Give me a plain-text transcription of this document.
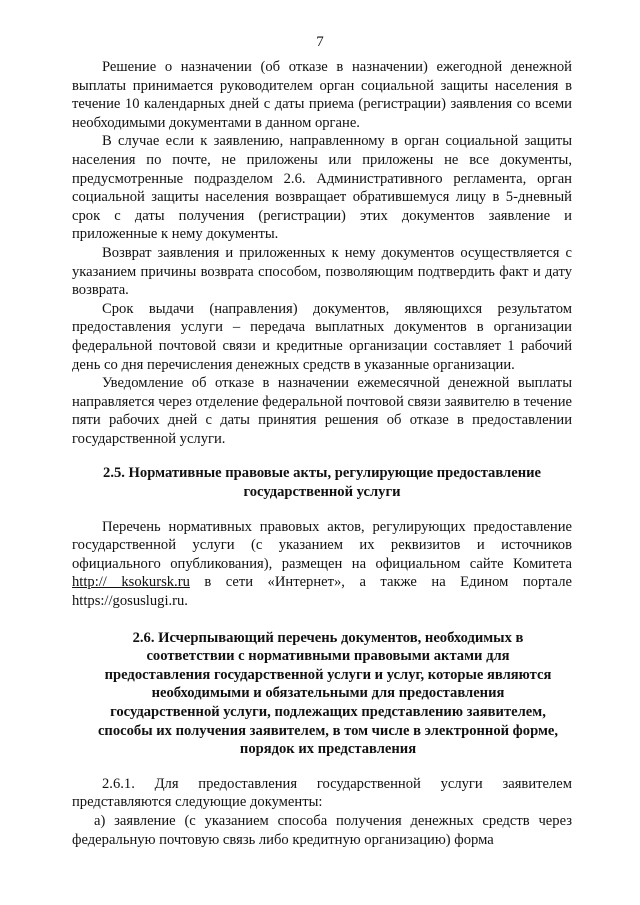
7

Решение о назначении (об отказе в назначении) ежегодной денежной выплаты принимается руководителем орган социальной защиты населения в течение 10 календарных дней с даты приема (регистрации) заявления со всеми необходимыми документами в данном органе.

В случае если к заявлению, направленному в орган социальной защиты населения по почте, не приложены или приложены не все документы, предусмотренные подразделом 2.6. Административного регламента, орган социальной защиты населения возвращает обратившемуся лицу в 5-дневный срок с даты получения (регистрации) этих документов заявление и приложенные к нему документы.

Возврат заявления и приложенных к нему документов осуществляется с указанием причины возврата способом, позволяющим подтвердить факт и дату возврата.

Срок выдачи (направления) документов, являющихся результатом предоставления услуги – передача выплатных документов в организации федеральной почтовой связи и кредитные организации составляет 1 рабочий день со дня перечисления денежных средств в указанные организации.

Уведомление об отказе в назначении ежемесячной денежной выплаты направляется через отделение федеральной почтовой связи заявителю в течение пяти рабочих дней с даты принятия решения об отказе в предоставлении государственной услуги.

2.5. Нормативные правовые акты, регулирующие предоставление
государственной услуги

Перечень нормативных правовых актов, регулирующих предоставление государственной услуги (с указанием их реквизитов и источников официального опубликования), размещен на официальном сайте Комитета http:// ksokursk.ru в сети «Интернет», а также на Едином портале https://gosuslugi.ru.

2.6. Исчерпывающий перечень документов, необходимых в
соответствии с нормативными правовыми актами для
предоставления государственной услуги и услуг, которые являются
необходимыми и обязательными для предоставления
государственной услуги, подлежащих представлению заявителем,
способы их получения заявителем, в том числе в электронной форме,
порядок их представления

2.6.1. Для предоставления государственной услуги заявителем представляются следующие документы:

а) заявление (с указанием способа получения денежных средств через федеральную почтовую связь либо кредитную организацию) форма
